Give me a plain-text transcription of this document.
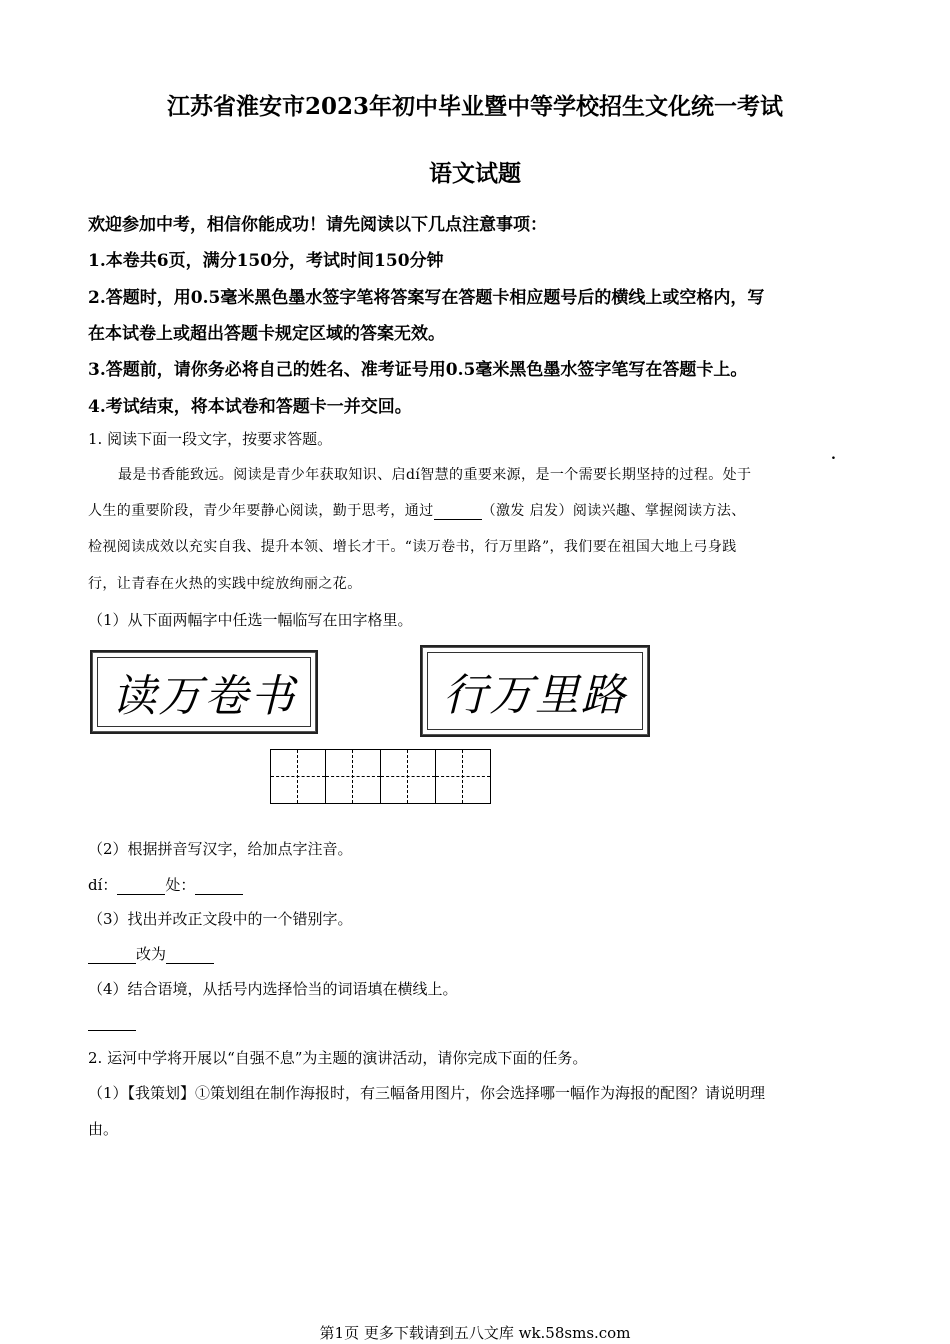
江苏省淮安市2023年初中毕业暨中等学校招生文化统一考试
语文试题
欢迎参加中考，相信你能成功！请先阅读以下几点注意事项：
1.本卷共6页，满分150分，考试时间150分钟
2.答题时，用0.5毫米黑色墨水签字笔将答案写在答题卡相应题号后的横线上或空格内，写
在本试卷上或超出答题卡规定区域的答案无效。
3.答题前，请你务必将自己的姓名、准考证号用0.5毫米黑色墨水签字笔写在答题卡上。
4.考试结束，将本试卷和答题卡一并交回。
1. 阅读下面一段文字，按要求答题。
最是书香能致远。阅读是青少年获取知识、启dí智慧的重要来源，是一个需要长期坚持的过程。处于
.
人生的重要阶段，青少年要静心阅读，勤于思考，通过	（激发 启发）阅读兴趣、掌握阅读方法、
检视阅读成效以充实自我、提升本领、增长才干。“读万卷书，行万里路”，我们要在祖国大地上弓身践
行，让青春在火热的实践中绽放绚丽之花。
（1）从下面两幅字中任选一幅临写在田字格里。
读万卷书	行万里路
（2）根据拼音写汉字，给加点字注音。
dí：	处：
（3）找出并改正文段中的一个错别字。
改为
（4）结合语境，从括号内选择恰当的词语填在横线上。

2. 运河中学将开展以“自强不息”为主题的演讲活动，请你完成下面的任务。
（1）【我策划】①策划组在制作海报时，有三幅备用图片，你会选择哪一幅作为海报的配图？请说明理
由。
第1页 更多下载请到五八文库 wk.58sms.com
